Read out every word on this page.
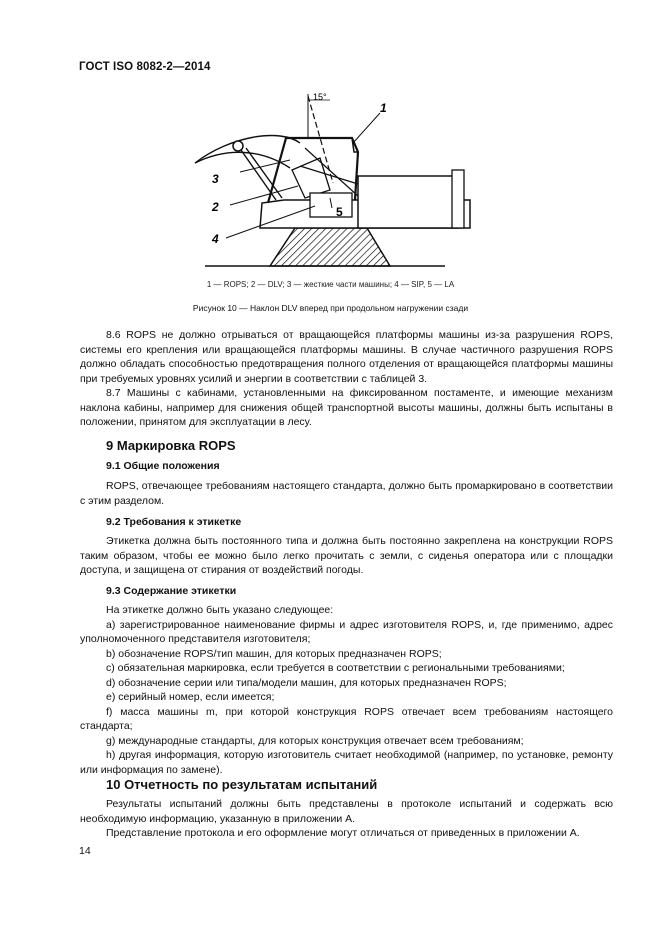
ГОСТ ISO 8082-2—2014
15°
1
2
3
4
5
1 — ROPS; 2 — DLV; 3 — жесткие части машины; 4 — SIP, 5 — LA
Рисунок 10 — Наклон DLV вперед при продольном нагружении сзади

8.6 ROPS не должно отрываться от вращающейся платформы машины из-за разрушения ROPS, системы его крепления или вращающейся платформы машины. В случае частичного разрушения ROPS должно обладать способностью предотвращения полного отделения от вращающейся платформы машины при требуемых уровнях усилий и энергии в соответствии с таблицей 3.

8.7 Машины с кабинами, установленными на фиксированном постаменте, и имеющие механизм наклона кабины, например для снижения общей транспортной высоты машины, должны быть испытаны в положении, принятом для эксплуатации в лесу.

9 Маркировка ROPS
9.1 Общие положения

ROPS, отвечающее требованиям настоящего стандарта, должно быть промаркировано в соответствии с этим разделом.

9.2 Требования к этикетке

Этикетка должна быть постоянного типа и должна быть постоянно закреплена на конструкции ROPS таким образом, чтобы ее можно было легко прочитать с земли, с сиденья оператора или с площадки доступа, и защищена от стирания от воздействий погоды.

9.3 Содержание этикетки

На этикетке должно быть указано следующее:

a) зарегистрированное наименование фирмы и адрес изготовителя ROPS, и, где применимо, адрес уполномоченного представителя изготовителя;

b) обозначение ROPS/тип машин, для которых предназначен ROPS;

c) обязательная маркировка, если требуется в соответствии с региональными требованиями;

d) обозначение серии или типа/модели машин, для которых предназначен ROPS;

e) серийный номер, если имеется;

f) масса машины m, при которой конструкция ROPS отвечает всем требованиям настоящего стандарта;

g) международные стандарты, для которых конструкция отвечает всем требованиям;

h) другая информация, которую изготовитель считает необходимой (например, по установке, ремонту или информация по замене).

10 Отчетность по результатам испытаний

Результаты испытаний должны быть представлены в протоколе испытаний и содержать всю необходимую информацию, указанную в приложении А.

Представление протокола и его оформление могут отличаться от приведенных в приложении А.

14
